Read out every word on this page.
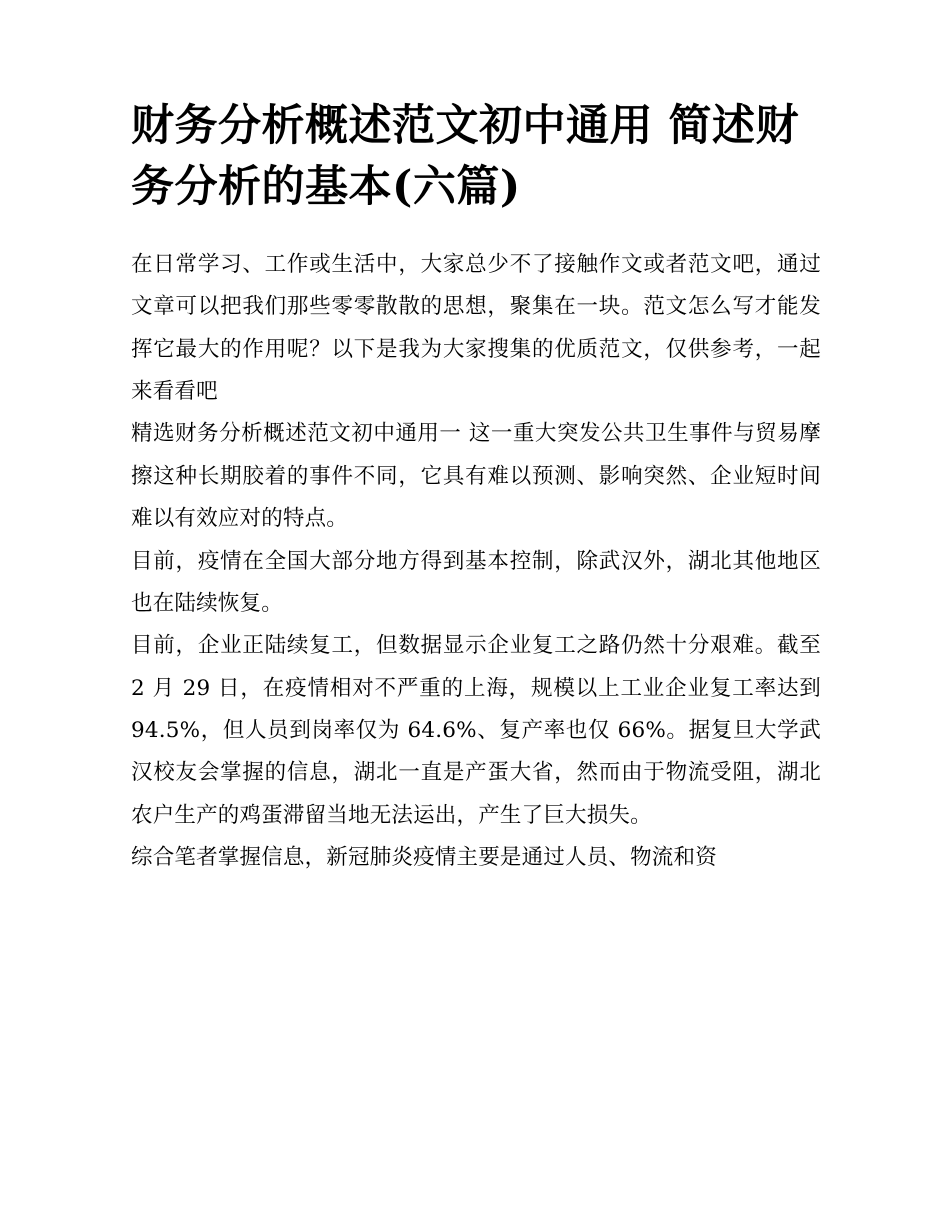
财务分析概述范文初中通用 简述财务分析的基本(六篇)

在日常学习、工作或生活中，大家总少不了接触作文或者范文吧，通过文章可以把我们那些零零散散的思想，聚集在一块。范文怎么写才能发挥它最大的作用呢？以下是我为大家搜集的优质范文，仅供参考，一起来看看吧

精选财务分析概述范文初中通用一 这一重大突发公共卫生事件与贸易摩擦这种长期胶着的事件不同，它具有难以预测、影响突然、企业短时间难以有效应对的特点。

目前，疫情在全国大部分地方得到基本控制，除武汉外，湖北其他地区也在陆续恢复。

目前，企业正陆续复工，但数据显示企业复工之路仍然十分艰难。截至 2 月 29 日，在疫情相对不严重的上海，规模以上工业企业复工率达到 94.5%，但人员到岗率仅为 64.6%、复产率也仅 66%。据复旦大学武汉校友会掌握的信息，湖北一直是产蛋大省，然而由于物流受阻，湖北农户生产的鸡蛋滞留当地无法运出，产生了巨大损失。

综合笔者掌握信息，新冠肺炎疫情主要是通过人员、物流和资
